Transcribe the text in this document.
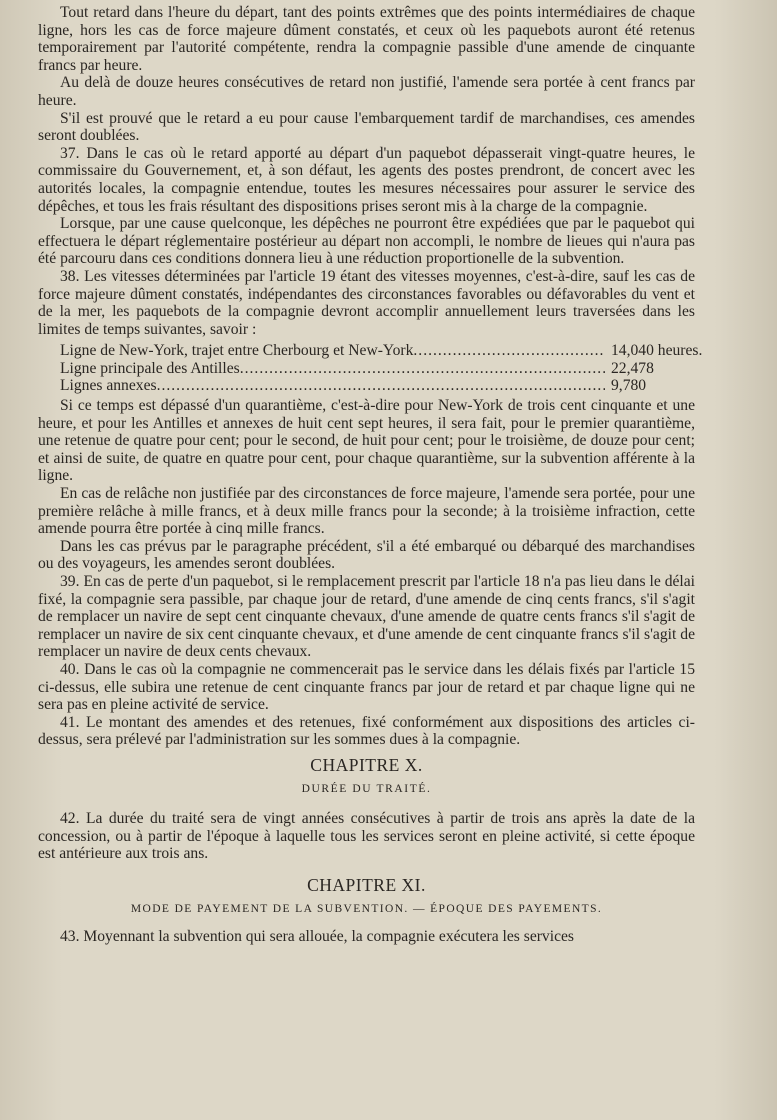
Tout retard dans l'heure du départ, tant des points extrêmes que des points intermédiaires de chaque ligne, hors les cas de force majeure dûment constatés, et ceux où les paquebots auront été retenus temporairement par l'autorité compétente, rendra la compagnie passible d'une amende de cinquante francs par heure.

Au delà de douze heures consécutives de retard non justifié, l'amende sera portée à cent francs par heure.

S'il est prouvé que le retard a eu pour cause l'embarquement tardif de marchandises, ces amendes seront doublées.

37. Dans le cas où le retard apporté au départ d'un paquebot dépasserait vingt-quatre heures, le commissaire du Gouvernement, et, à son défaut, les agents des postes prendront, de concert avec les autorités locales, la compagnie entendue, toutes les mesures nécessaires pour assurer le service des dépêches, et tous les frais résultant des dispositions prises seront mis à la charge de la compagnie.

Lorsque, par une cause quelconque, les dépêches ne pourront être expédiées que par le paquebot qui effectuera le départ réglementaire postérieur au départ non accompli, le nombre de lieues qui n'aura pas été parcouru dans ces conditions donnera lieu à une réduction proportionelle de la subvention.

38. Les vitesses déterminées par l'article 19 étant des vitesses moyennes, c'est-à-dire, sauf les cas de force majeure dûment constatés, indépendantes des circonstances favorables ou défavorables du vent et de la mer, les paquebots de la compagnie devront accomplir annuellement leurs traversées dans les limites de temps suivantes, savoir :

Ligne de New-York, trajet entre Cherbourg et New-York .....	14,040 heures.
Ligne principale des Antilles .....	22,478
Lignes annexes .....	9,780

Si ce temps est dépassé d'un quarantième, c'est-à-dire pour New-York de trois cent cinquante et une heure, et pour les Antilles et annexes de huit cent sept heures, il sera fait, pour le premier quarantième, une retenue de quatre pour cent; pour le second, de huit pour cent; pour le troisième, de douze pour cent; et ainsi de suite, de quatre en quatre pour cent, pour chaque quarantième, sur la subvention afférente à la ligne.

En cas de relâche non justifiée par des circonstances de force majeure, l'amende sera portée, pour une première relâche à mille francs, et à deux mille francs pour la seconde; à la troisième infraction, cette amende pourra être portée à cinq mille francs.

Dans les cas prévus par le paragraphe précédent, s'il a été embarqué ou débarqué des marchandises ou des voyageurs, les amendes seront doublées.

39. En cas de perte d'un paquebot, si le remplacement prescrit par l'article 18 n'a pas lieu dans le délai fixé, la compagnie sera passible, par chaque jour de retard, d'une amende de cinq cents francs, s'il s'agit de remplacer un navire de sept cent cinquante chevaux, d'une amende de quatre cents francs s'il s'agit de remplacer un navire de six cent cinquante chevaux, et d'une amende de cent cinquante francs s'il s'agit de remplacer un navire de deux cents chevaux.

40. Dans le cas où la compagnie ne commencerait pas le service dans les délais fixés par l'article 15 ci-dessus, elle subira une retenue de cent cinquante francs par jour de retard et par chaque ligne qui ne sera pas en pleine activité de service.

41. Le montant des amendes et des retenues, fixé conformément aux dispositions des articles ci-dessus, sera prélevé par l'administration sur les sommes dues à la compagnie.

CHAPITRE X.
DURÉE DU TRAITÉ.

42. La durée du traité sera de vingt années consécutives à partir de trois ans après la date de la concession, ou à partir de l'époque à laquelle tous les services seront en pleine activité, si cette époque est antérieure aux trois ans.

CHAPITRE XI.
MODE DE PAYEMENT DE LA SUBVENTION. — ÉPOQUE DES PAYEMENTS.

43. Moyennant la subvention qui sera allouée, la compagnie exécutera les services
